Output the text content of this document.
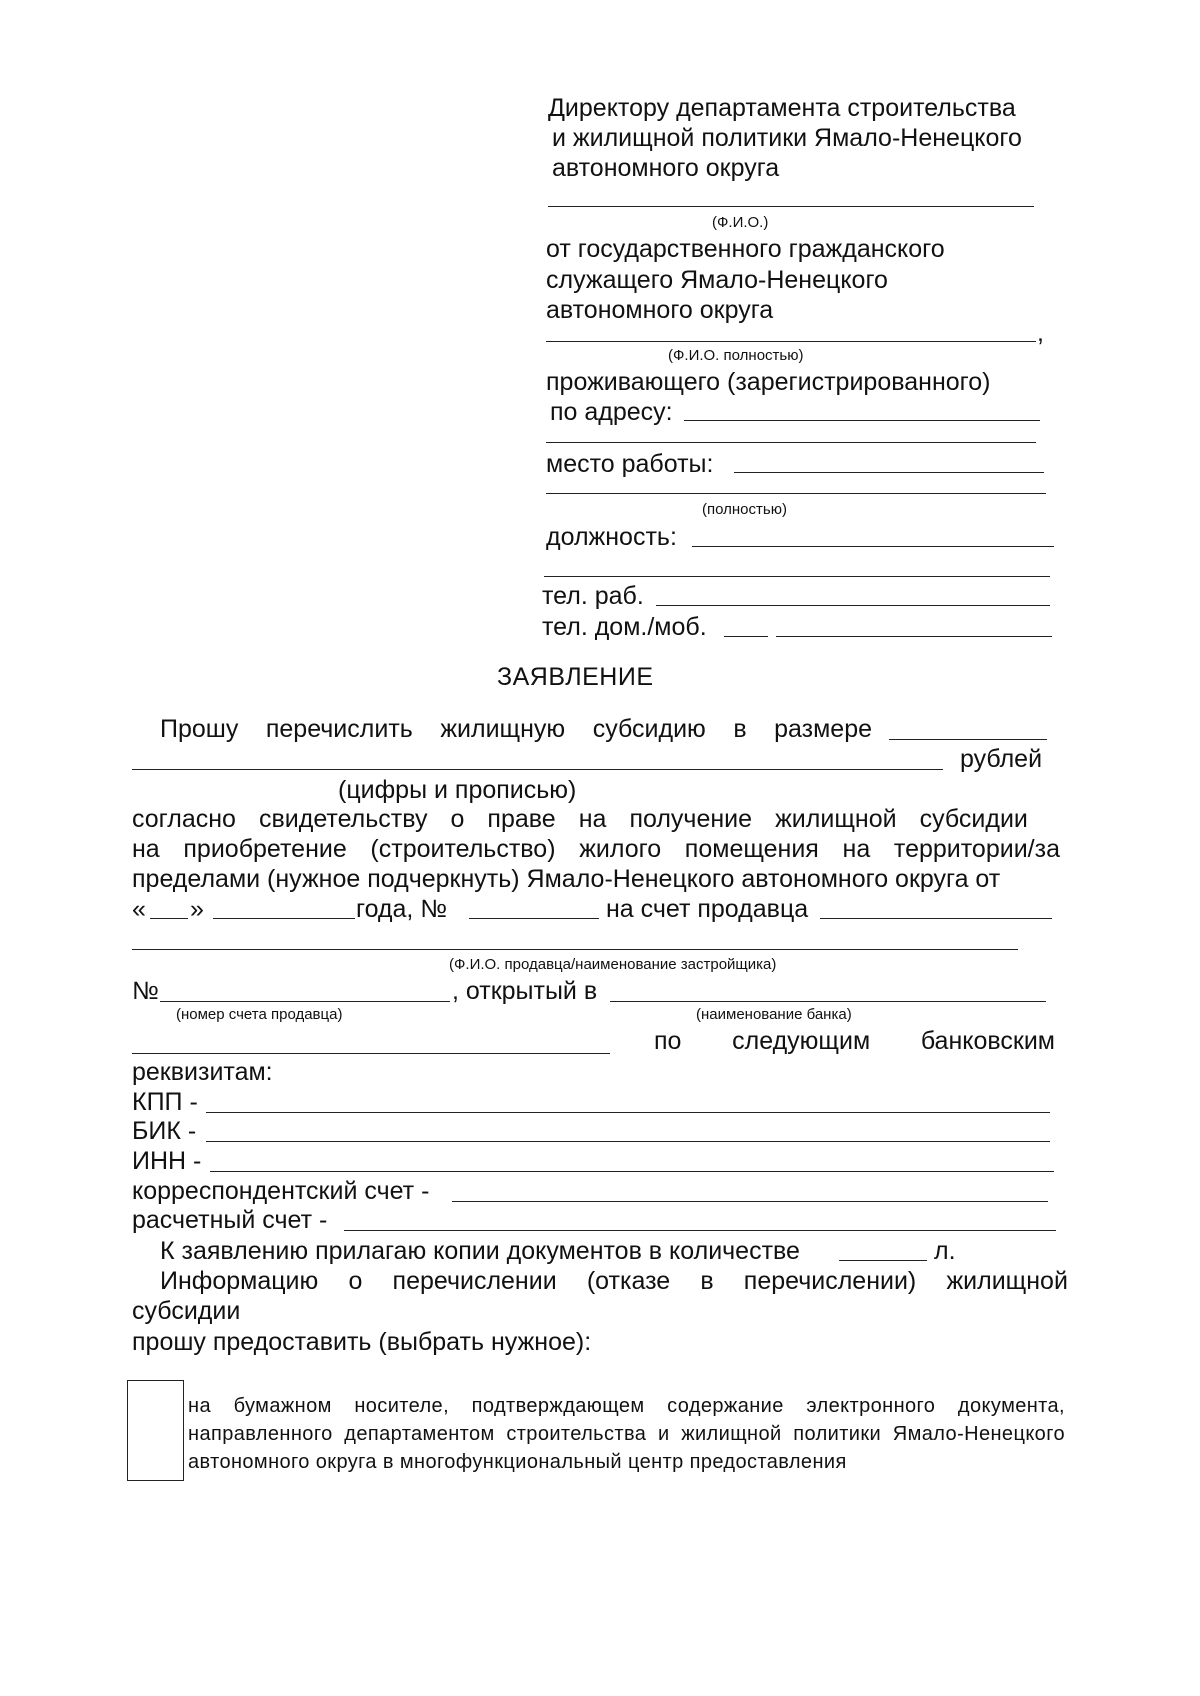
Директору департамента строительства
и жилищной политики Ямало-Ненецкого
автономного округа
(Ф.И.О.)
от государственного гражданского
служащего Ямало-Ненецкого
автономного округа
,
(Ф.И.О. полностью)
проживающего (зарегистрированного)
по адресу:
место работы:
(полностью)
должность:
тел. раб.
тел. дом./моб.
ЗАЯВЛЕНИЕ
Прошу перечислить жилищную субсидию в размере
рублей
(цифры и прописью)
согласно свидетельству о праве на получение жилищной субсидии
на приобретение (строительство) жилого помещения на территории/за
пределами (нужное подчеркнуть) Ямало-Ненецкого автономного округа от
« »	года, №	на счет продавца
(Ф.И.О. продавца/наименование застройщика)
№	, открытый в
(номер счета продавца)	(наименование банка)
по следующим банковским
реквизитам:
КПП -
БИК -
ИНН -
корреспондентский счет -
расчетный счет -
К заявлению прилагаю копии документов в количестве	л.
Информацию о перечислении (отказе в перечислении) жилищной
субсидии
прошу предоставить (выбрать нужное):
на бумажном носителе, подтверждающем содержание электронного документа, направленного департаментом строительства и жилищной политики Ямало-Ненецкого автономного округа в многофункциональный центр предоставления
